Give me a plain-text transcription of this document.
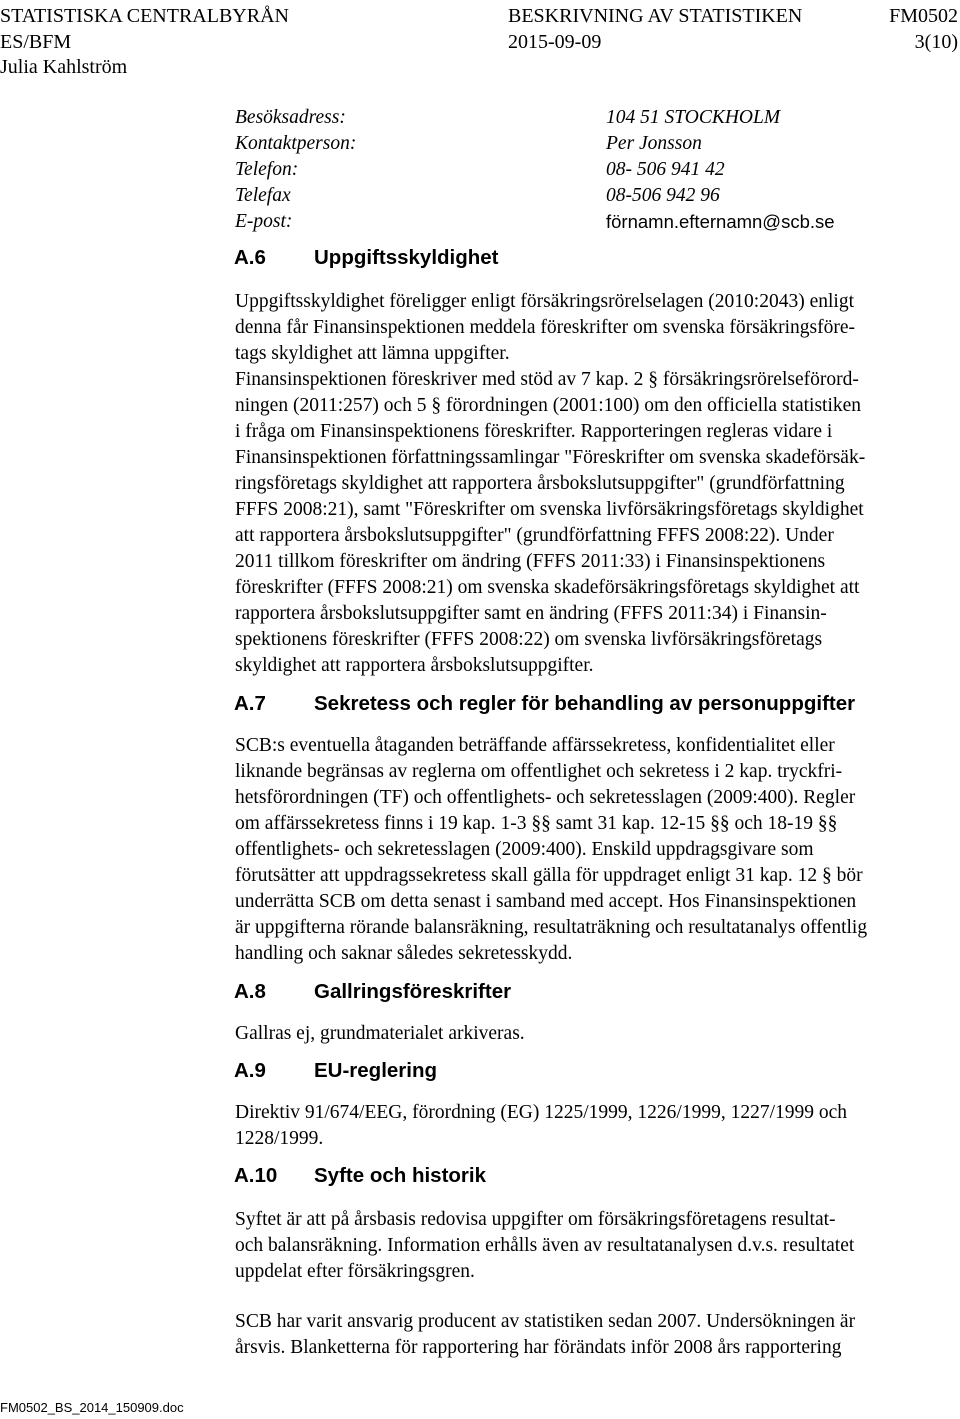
STATISTISKA CENTRALBYRÅN	BESKRIVNING AV STATISTIKEN	FM0502
ES/BFM	2015-09-09	3(10)
Julia Kahlström
Besöksadress:	104 51 STOCKHOLM
Kontaktperson:	Per Jonsson
Telefon:	08- 506 941 42
Telefax	08-506 942 96
E-post:	förnamn.efternamn@scb.se
A.6 Uppgiftsskyldighet
Uppgiftsskyldighet föreligger enligt försäkringsrörelselagen (2010:2043) enligt
denna får Finansinspektionen meddela föreskrifter om svenska försäkringsföre-
tags skyldighet att lämna uppgifter.
Finansinspektionen föreskriver med stöd av 7 kap. 2 § försäkringsrörelseförord-
ningen (2011:257) och 5 § förordningen (2001:100) om den officiella statistiken
i fråga om Finansinspektionens föreskrifter. Rapporteringen regleras vidare i
Finansinspektionen författningssamlingar "Föreskrifter om svenska skadeförsäk-
ringsföretags skyldighet att rapportera årsbokslutsuppgifter" (grundförfattning
FFFS 2008:21), samt "Föreskrifter om svenska livförsäkringsföretags skyldighet
att rapportera årsbokslutsuppgifter" (grundförfattning FFFS 2008:22). Under
2011 tillkom föreskrifter om ändring (FFFS 2011:33) i Finansinspektionens
föreskrifter (FFFS 2008:21) om svenska skadeförsäkringsföretags skyldighet att
rapportera årsbokslutsuppgifter samt en ändring (FFFS 2011:34) i Finansin-
spektionens föreskrifter (FFFS 2008:22) om svenska livförsäkringsföretags
skyldighet att rapportera årsbokslutsuppgifter.
A.7 Sekretess och regler för behandling av personuppgifter
SCB:s eventuella åtaganden beträffande affärssekretess, konfidentialitet eller
liknande begränsas av reglerna om offentlighet och sekretess i 2 kap. tryckfri-
hetsförordningen (TF) och offentlighets- och sekretesslagen (2009:400). Regler
om affärssekretess finns i 19 kap. 1-3 §§ samt 31 kap. 12-15 §§ och 18-19 §§
offentlighets- och sekretesslagen (2009:400). Enskild uppdragsgivare som
förutsätter att uppdragssekretess skall gälla för uppdraget enligt 31 kap. 12 § bör
underrätta SCB om detta senast i samband med accept. Hos Finansinspektionen
är uppgifterna rörande balansräkning, resultaträkning och resultatanalys offentlig
handling och saknar således sekretesskydd.
A.8 Gallringsföreskrifter
Gallras ej, grundmaterialet arkiveras.
A.9 EU-reglering
Direktiv 91/674/EEG, förordning (EG) 1225/1999, 1226/1999, 1227/1999 och
1228/1999.
A.10 Syfte och historik
Syftet är att på årsbasis redovisa uppgifter om försäkringsföretagens resultat-
och balansräkning. Information erhålls även av resultatanalysen d.v.s. resultatet
uppdelat efter försäkringsgren.
SCB har varit ansvarig producent av statistiken sedan 2007. Undersökningen är
årsvis. Blanketterna för rapportering har förändats inför 2008 års rapportering
FM0502_BS_2014_150909.doc
